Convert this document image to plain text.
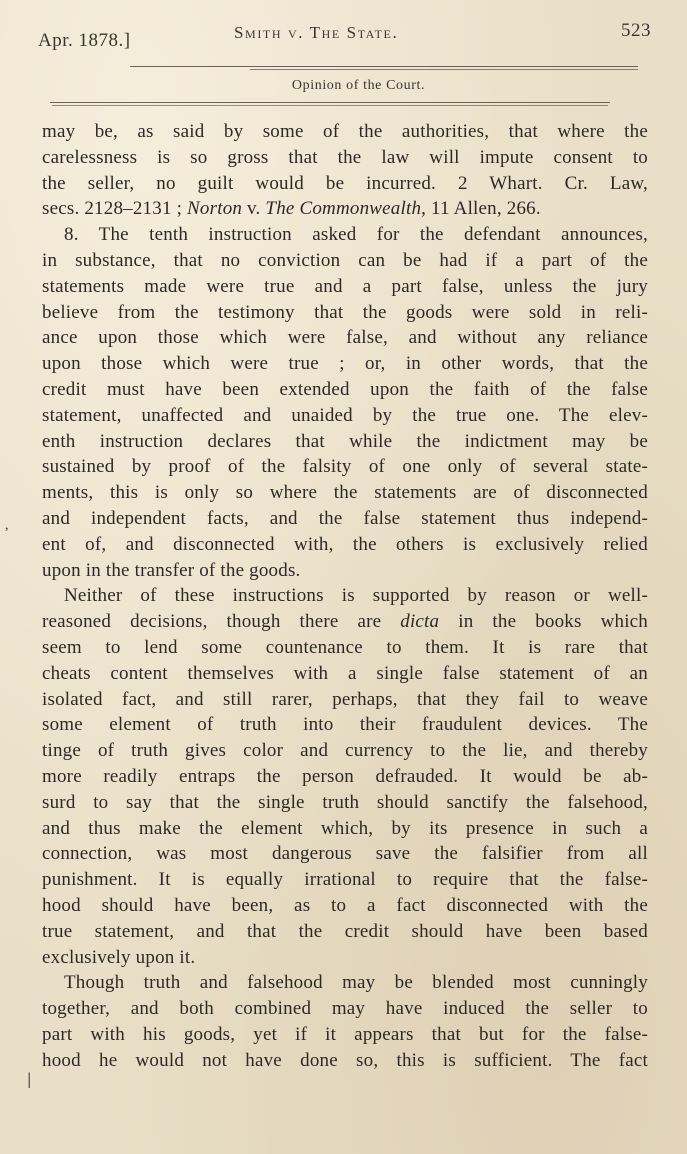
Apr. 1878.]	Smith v. The State.	523
Opinion of the Court.
may be, as said by some of the authorities, that where the
carelessness is so gross that the law will impute consent to
the seller, no guilt would be incurred. 2 Whart. Cr. Law,
secs. 2128–2131 ; Norton v. The Commonwealth, 11 Allen, 266.
8. The tenth instruction asked for the defendant announces,
in substance, that no conviction can be had if a part of the
statements made were true and a part false, unless the jury
believe from the testimony that the goods were sold in reli-
ance upon those which were false, and without any reliance
upon those which were true ; or, in other words, that the
credit must have been extended upon the faith of the false
statement, unaffected and unaided by the true one. The elev-
enth instruction declares that while the indictment may be
sustained by proof of the falsity of one only of several state-
ments, this is only so where the statements are of disconnected
and independent facts, and the false statement thus independ-
ent of, and disconnected with, the others is exclusively relied
upon in the transfer of the goods.
Neither of these instructions is supported by reason or well-
reasoned decisions, though there are dicta in the books which
seem to lend some countenance to them. It is rare that
cheats content themselves with a single false statement of an
isolated fact, and still rarer, perhaps, that they fail to weave
some element of truth into their fraudulent devices. The
tinge of truth gives color and currency to the lie, and thereby
more readily entraps the person defrauded. It would be ab-
surd to say that the single truth should sanctify the falsehood,
and thus make the element which, by its presence in such a
connection, was most dangerous save the falsifier from all
punishment. It is equally irrational to require that the false-
hood should have been, as to a fact disconnected with the
true statement, and that the credit should have been based
exclusively upon it.
Though truth and falsehood may be blended most cunningly
together, and both combined may have induced the seller to
part with his goods, yet if it appears that but for the false-
hood he would not have done so, this is sufficient. The fact
,
ǀ
